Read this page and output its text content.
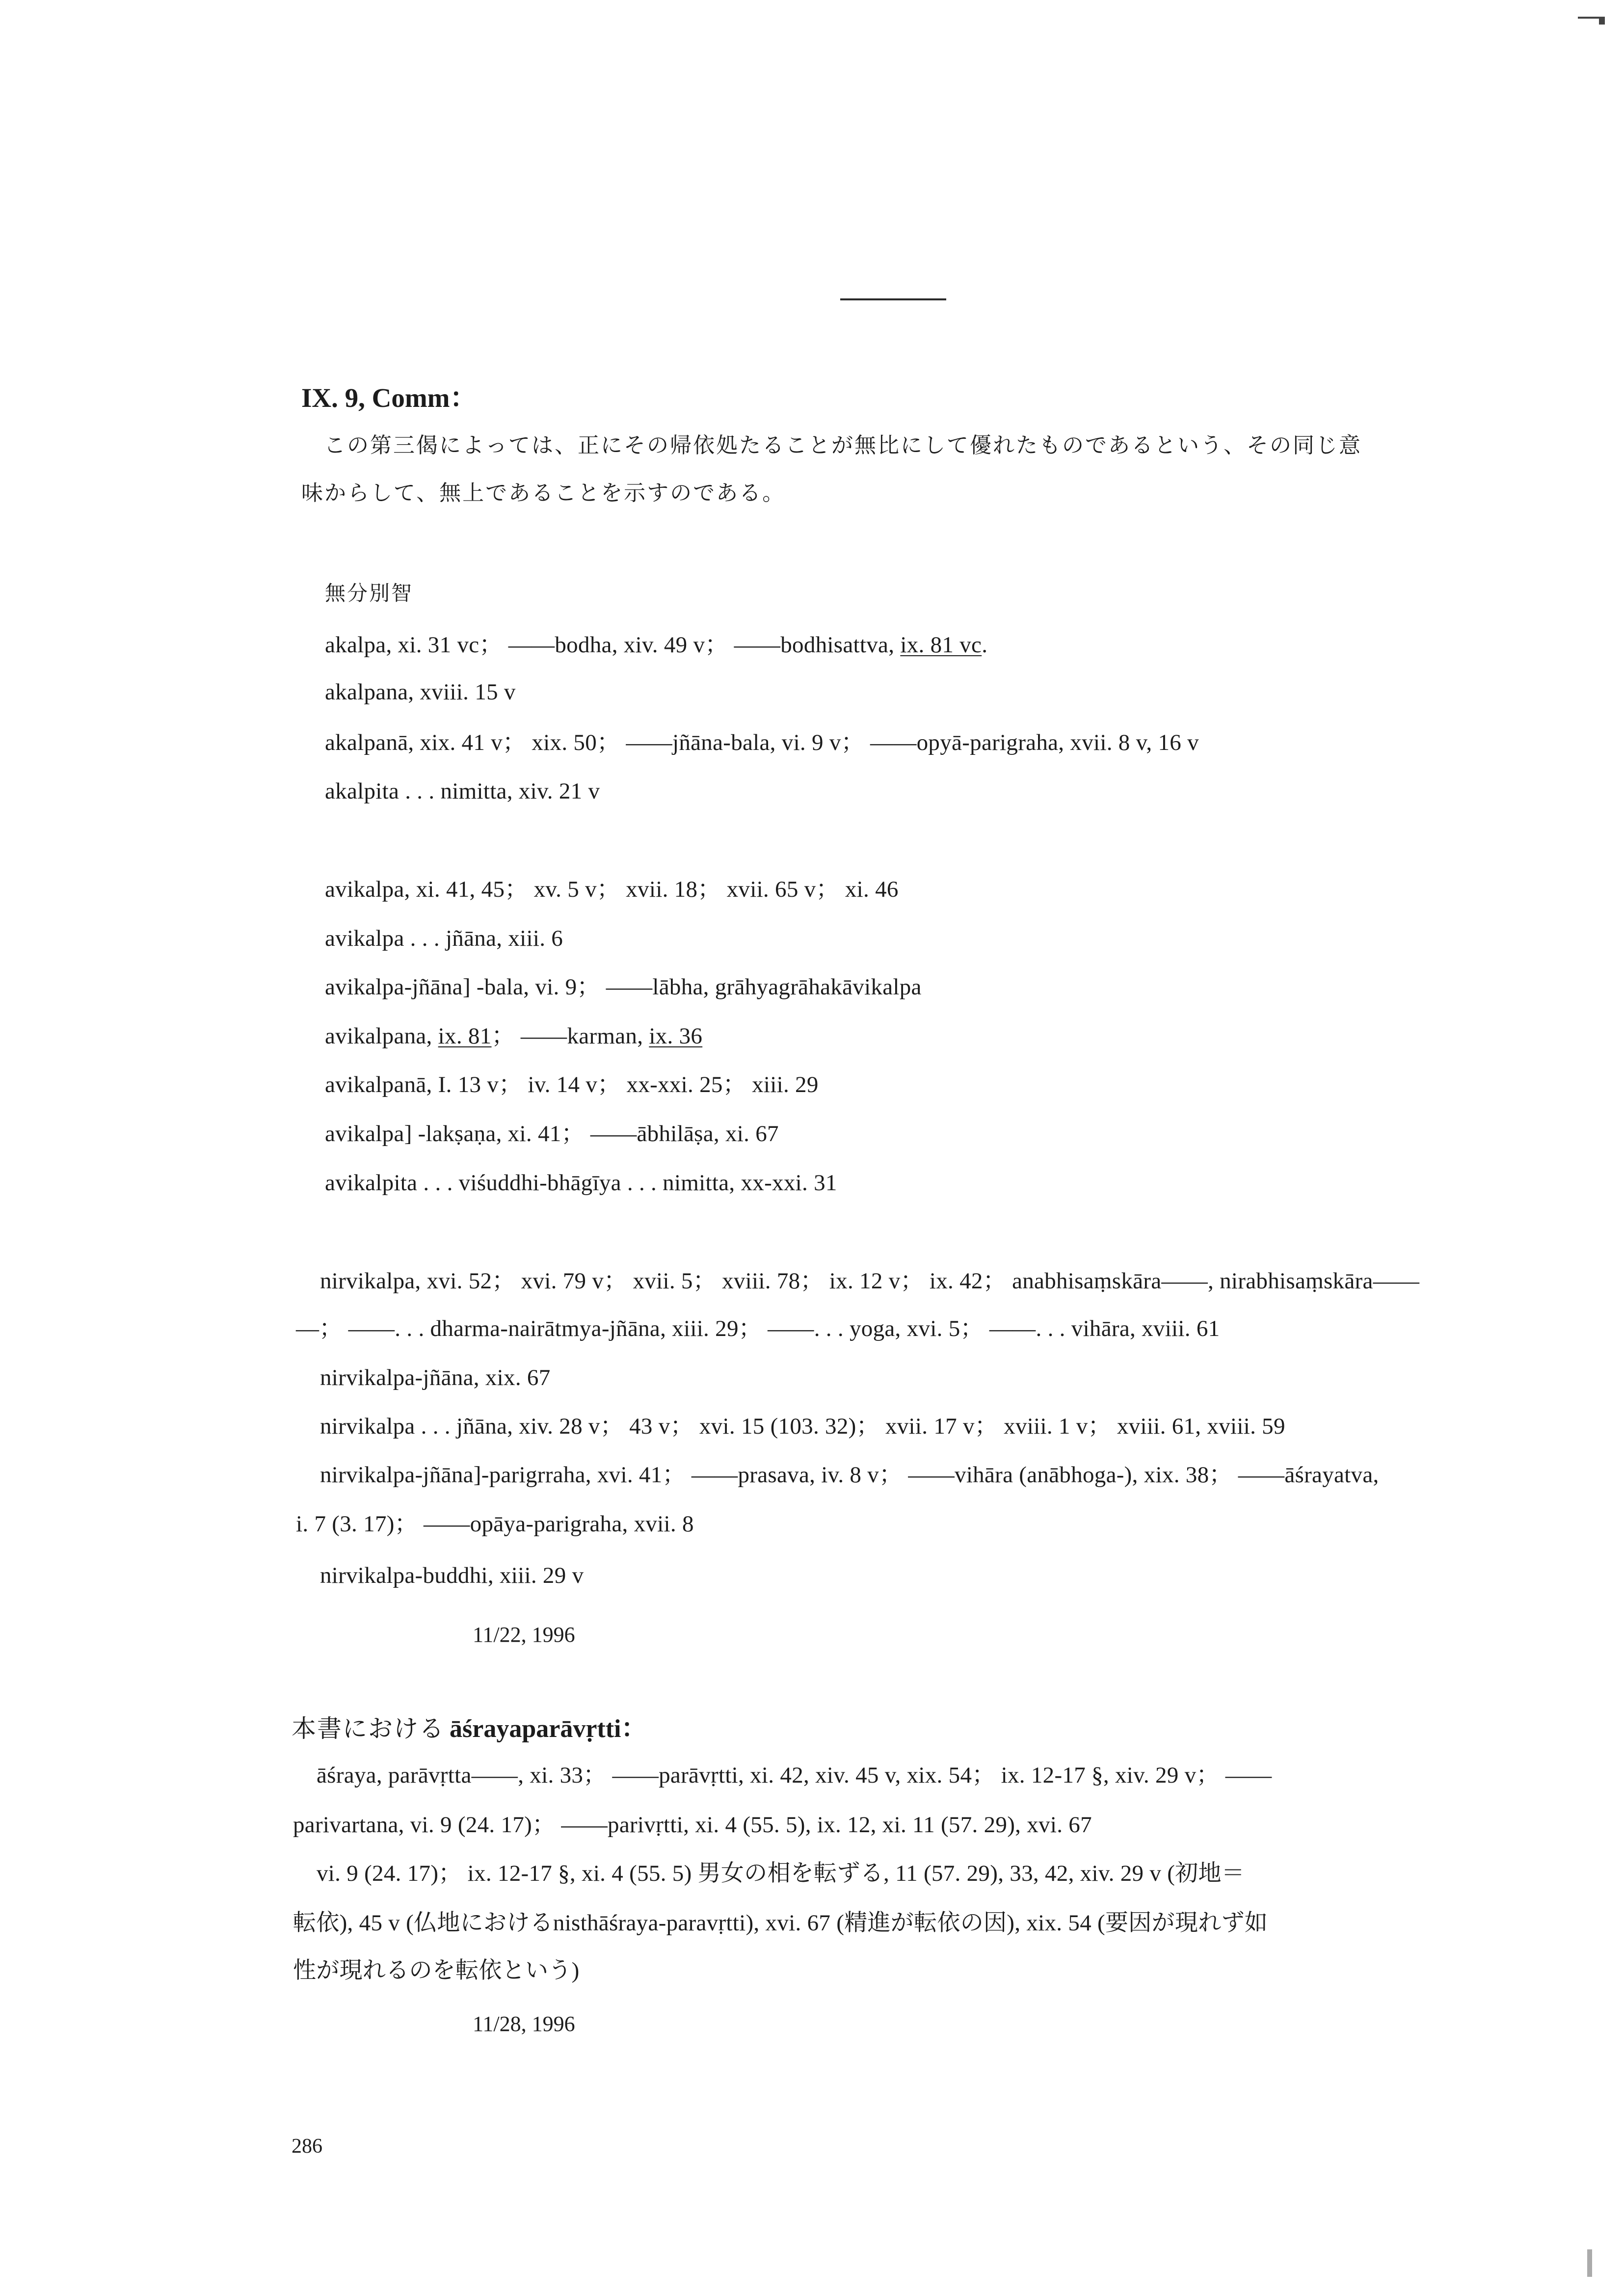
IX. 9, Comm：
この第三偈によっては、正にその帰依処たることが無比にして優れたものであるという、その同じ意
味からして、無上であることを示すのである。
無分別智
akalpa, xi. 31 vc； ——bodha, xiv. 49 v； ——bodhisattva, ix. 81 vc.
akalpana, xviii. 15 v
akalpanā, xix. 41 v； xix. 50； ——jñāna-bala, vi. 9 v； ——opyā-parigraha, xvii. 8 v, 16 v
akalpita . . . nimitta, xiv. 21 v
avikalpa, xi. 41, 45； xv. 5 v； xvii. 18； xvii. 65 v； xi. 46
avikalpa . . . jñāna, xiii. 6
avikalpa-jñāna] -bala, vi. 9； ——lābha, grāhyagrāhakāvikalpa
avikalpana, ix. 81； ——karman, ix. 36
avikalpanā, I. 13 v； iv. 14 v； xx-xxi. 25； xiii. 29
avikalpa] -lakṣaṇa, xi. 41； ——ābhilāṣa, xi. 67
avikalpita . . . viśuddhi-bhāgīya . . . nimitta, xx-xxi. 31
nirvikalpa, xvi. 52； xvi. 79 v； xvii. 5； xviii. 78； ix. 12 v； ix. 42； anabhisaṃskāra——, nirabhisaṃskāra——
—； ——. . . dharma-nairātmya-jñāna, xiii. 29； ——. . . yoga, xvi. 5； ——. . . vihāra, xviii. 61
nirvikalpa-jñāna, xix. 67
nirvikalpa . . . jñāna, xiv. 28 v； 43 v； xvi. 15 (103. 32)； xvii. 17 v； xviii. 1 v； xviii. 61, xviii. 59
nirvikalpa-jñāna]-parigrraha, xvi. 41； ——prasava, iv. 8 v； ——vihāra (anābhoga-), xix. 38； ——āśrayatva,
i. 7 (3. 17)； ——opāya-parigraha, xvii. 8
nirvikalpa-buddhi, xiii. 29 v
11/22, 1996
本書における āśrayaparāvṛtti：
āśraya, parāvṛtta——, xi. 33； ——parāvṛtti, xi. 42, xiv. 45 v, xix. 54； ix. 12-17 §, xiv. 29 v； ——
parivartana, vi. 9 (24. 17)； ——parivṛtti, xi. 4 (55. 5), ix. 12, xi. 11 (57. 29), xvi. 67
vi. 9 (24. 17)； ix. 12-17 §, xi. 4 (55. 5) 男女の相を転ずる, 11 (57. 29), 33, 42, xiv. 29 v (初地＝
転依), 45 v (仏地におけるnisthāśraya-paravṛtti), xvi. 67 (精進が転依の因), xix. 54 (要因が現れず如
性が現れるのを転依という)
11/28, 1996
286
